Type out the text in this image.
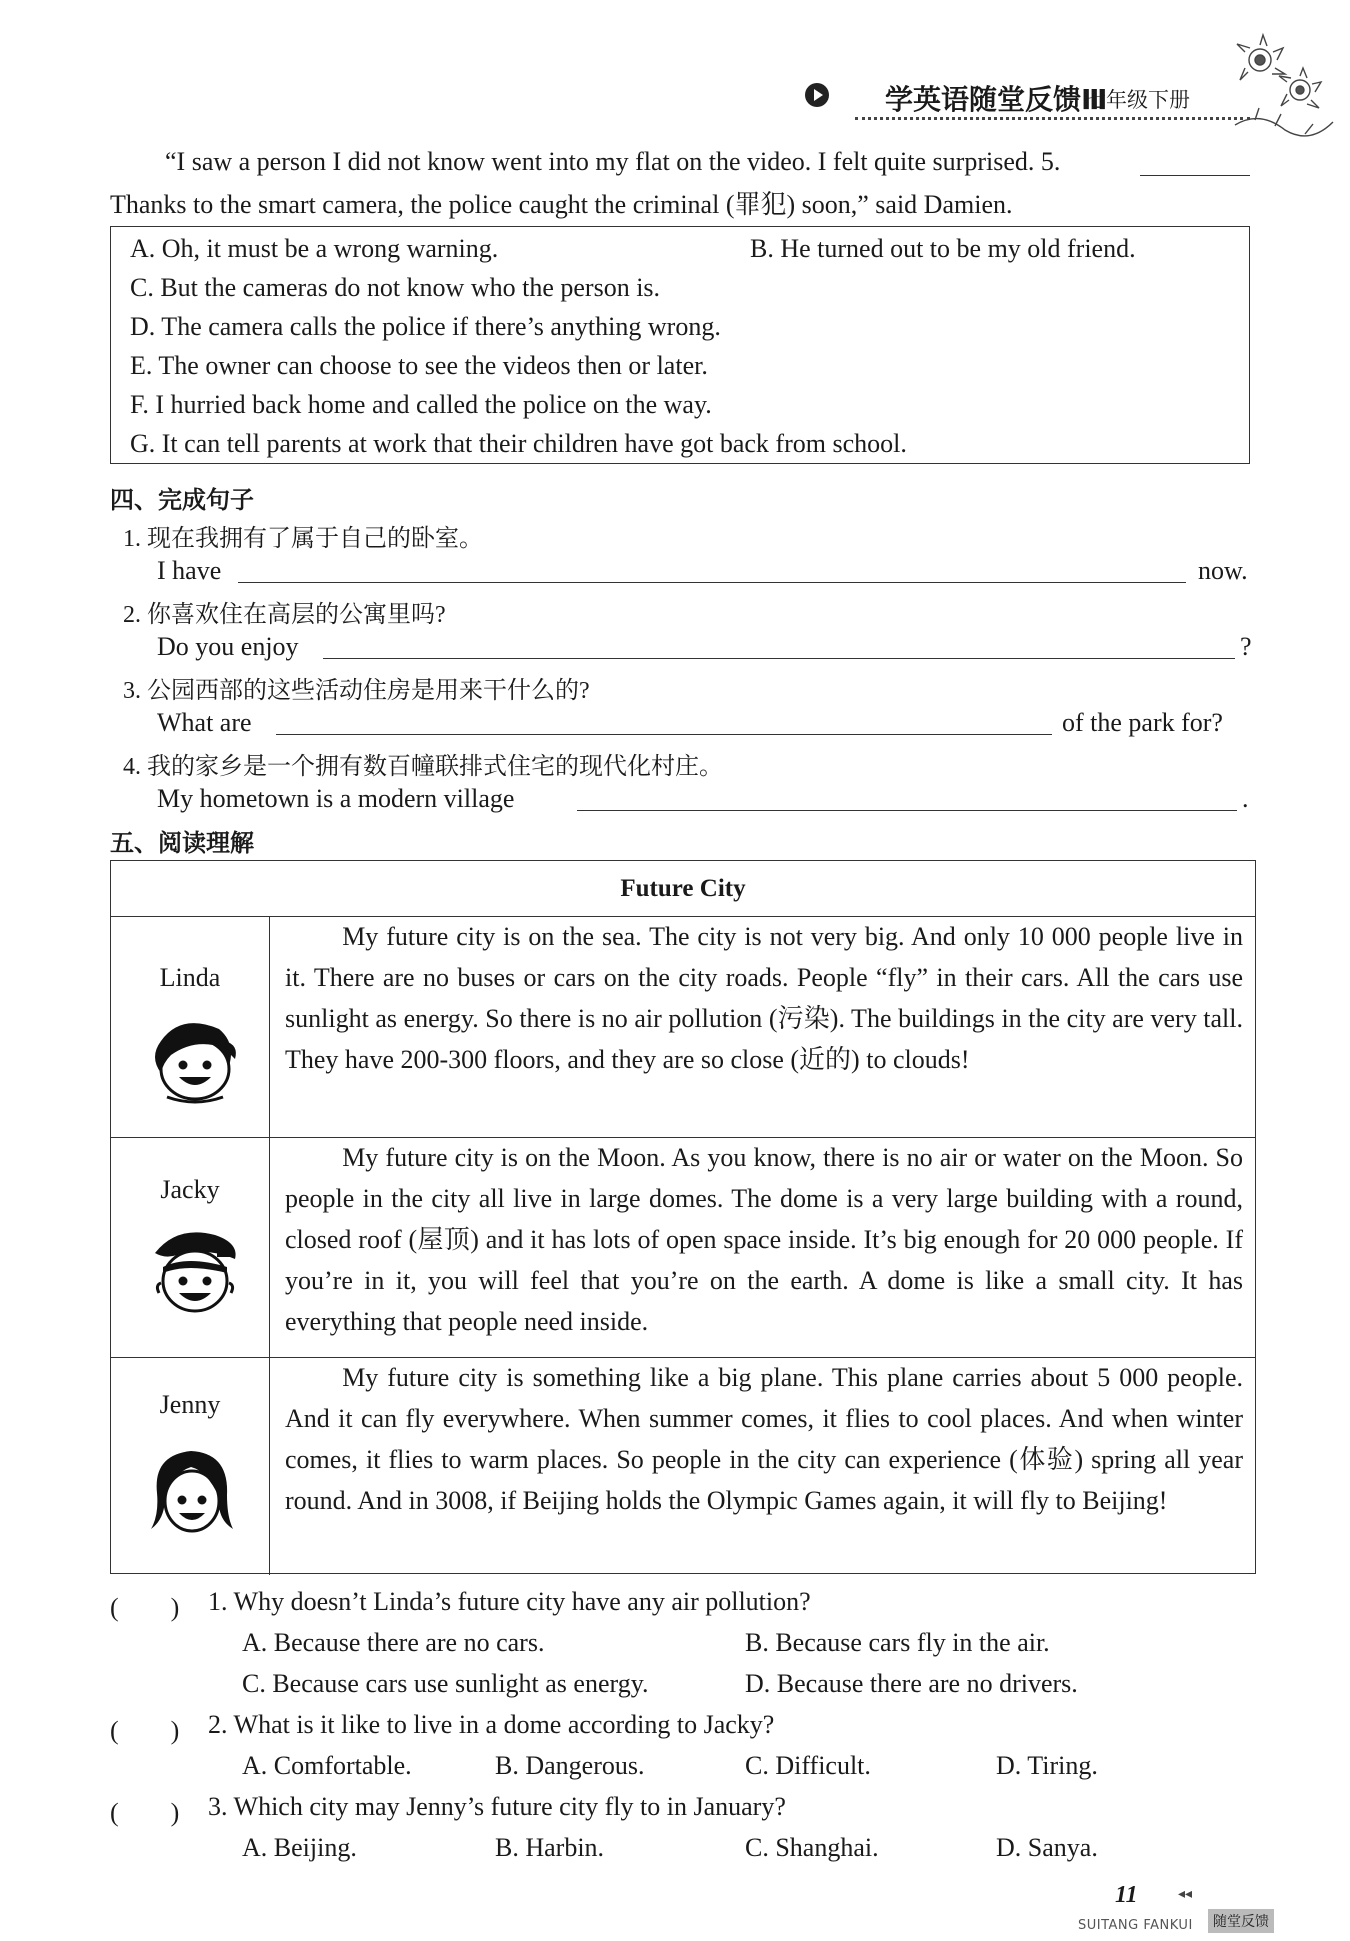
学英语随堂反馈Ⅲ
七年级下册
“I saw a person I did not know went into my flat on the video. I felt quite surprised. 5.
Thanks to the smart camera, the police caught the criminal (罪犯) soon,” said Damien.
A. Oh, it must be a wrong warning.	B. He turned out to be my old friend.
C. But the cameras do not know who the person is.
D. The camera calls the police if there’s anything wrong.
E. The owner can choose to see the videos then or later.
F. I hurried back home and called the police on the way.
G. It can tell parents at work that their children have got back from school.
四、完成句子
1. 现在我拥有了属于自己的卧室。
I have	now.
2. 你喜欢住在高层的公寓里吗?
Do you enjoy	?
3. 公园西部的这些活动住房是用来干什么的?
What are	of the park for?
4. 我的家乡是一个拥有数百幢联排式住宅的现代化村庄。
My hometown is a modern village	.
五、阅读理解
Future City
Linda
My future city is on the sea. The city is not very big. And only 10 000 people live in it. There are no buses or cars on the city roads. People “fly” in their cars. All the cars use sunlight as energy. So there is no air pollution (污染). The buildings in the city are very tall. They have 200-300 floors, and they are so close (近的) to clouds!
Jacky
My future city is on the Moon. As you know, there is no air or water on the Moon. So people in the city all live in large domes. The dome is a very large building with a round, closed roof (屋顶) and it has lots of open space inside. It’s big enough for 20 000 people. If you’re in it, you will feel that you’re on the earth. A dome is like a small city. It has everything that people need inside.
Jenny
My future city is something like a big plane. This plane carries about 5 000 people. And it can fly everywhere. When summer comes, it flies to cool places. And when winter comes, it flies to warm places. So people in the city can experience (体验) spring all year round. And in 3008, if Beijing holds the Olympic Games again, it will fly to Beijing!
(　　) 1. Why doesn’t Linda’s future city have any air pollution?
A. Because there are no cars.	B. Because cars fly in the air.
C. Because cars use sunlight as energy.	D. Because there are no drivers.
(　　) 2. What is it like to live in a dome according to Jacky?
A. Comfortable.	B. Dangerous.	C. Difficult.	D. Tiring.
(　　) 3. Which city may Jenny’s future city fly to in January?
A. Beijing.	B. Harbin.	C. Shanghai.	D. Sanya.
11	◂◂
SUITANG FANKUI	随堂反馈
